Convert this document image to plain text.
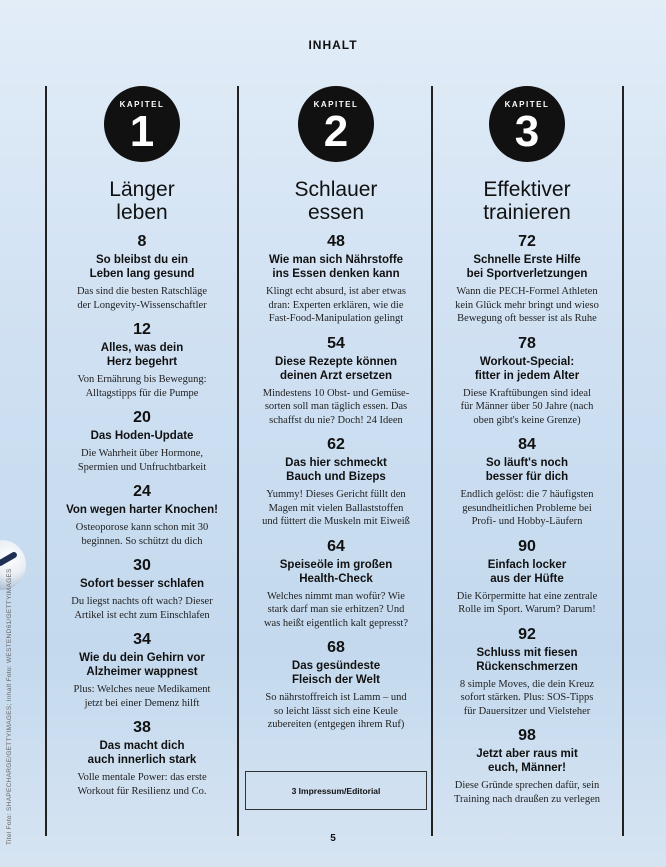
INHALT
KAPITEL
1
Länger
leben
8
So bleibst du ein
Leben lang gesund
Das sind die besten Ratschläge
der Longevity-Wissenschaftler
12
Alles, was dein
Herz begehrt
Von Ernährung bis Bewegung:
Alltagstipps für die Pumpe
20
Das Hoden-Update
Die Wahrheit über Hormone,
Spermien und Unfruchtbarkeit
24
Von wegen harter Knochen!
Osteoporose kann schon mit 30
beginnen. So schützt du dich
30
Sofort besser schlafen
Du liegst nachts oft wach? Dieser
Artikel ist echt zum Einschlafen
34
Wie du dein Gehirn vor
Alzheimer wappnest
Plus: Welches neue Medikament
jetzt bei einer Demenz hilft
38
Das macht dich
auch innerlich stark
Volle mentale Power: das erste
Workout für Resilienz und Co.
KAPITEL
2
Schlauer
essen
48
Wie man sich Nährstoffe
ins Essen denken kann
Klingt echt absurd, ist aber etwas
dran: Experten erklären, wie die
Fast-Food-Manipulation gelingt
54
Diese Rezepte können
deinen Arzt ersetzen
Mindestens 10 Obst- und Gemüse-
sorten soll man täglich essen. Das
schaffst du nie? Doch! 24 Ideen
62
Das hier schmeckt
Bauch und Bizeps
Yummy! Dieses Gericht füllt den
Magen mit vielen Ballaststoffen
und füttert die Muskeln mit Eiweiß
64
Speiseöle im großen
Health-Check
Welches nimmt man wofür? Wie
stark darf man sie erhitzen? Und
was heißt eigentlich kalt gepresst?
68
Das gesündeste
Fleisch der Welt
So nährstoffreich ist Lamm – und
so leicht lässt sich eine Keule
zubereiten (entgegen ihrem Ruf)
KAPITEL
3
Effektiver
trainieren
72
Schnelle Erste Hilfe
bei Sportverletzungen
Wann die PECH-Formel Athleten
kein Glück mehr bringt und wieso
Bewegung oft besser ist als Ruhe
78
Workout-Special:
fitter in jedem Alter
Diese Kraftübungen sind ideal
für Männer über 50 Jahre (nach
oben gibt's keine Grenze)
84
So läuft's noch
besser für dich
Endlich gelöst: die 7 häufigsten
gesundheitlichen Probleme bei
Profi- und Hobby-Läufern
90
Einfach locker
aus der Hüfte
Die Körpermitte hat eine zentrale
Rolle im Sport. Warum? Darum!
92
Schluss mit fiesen
Rückenschmerzen
8 simple Moves, die dein Kreuz
sofort stärken. Plus: SOS-Tipps
für Dauersitzer und Vielsteher
98
Jetzt aber raus mit
euch, Männer!
Diese Gründe sprechen dafür, sein
Training nach draußen zu verlegen
Titel Foto: SHAPECHARGE/GETTYIMAGES; Inhalt Foto: WESTEND61/GETTYIMAGES	3 Impressum/Editorial
5
